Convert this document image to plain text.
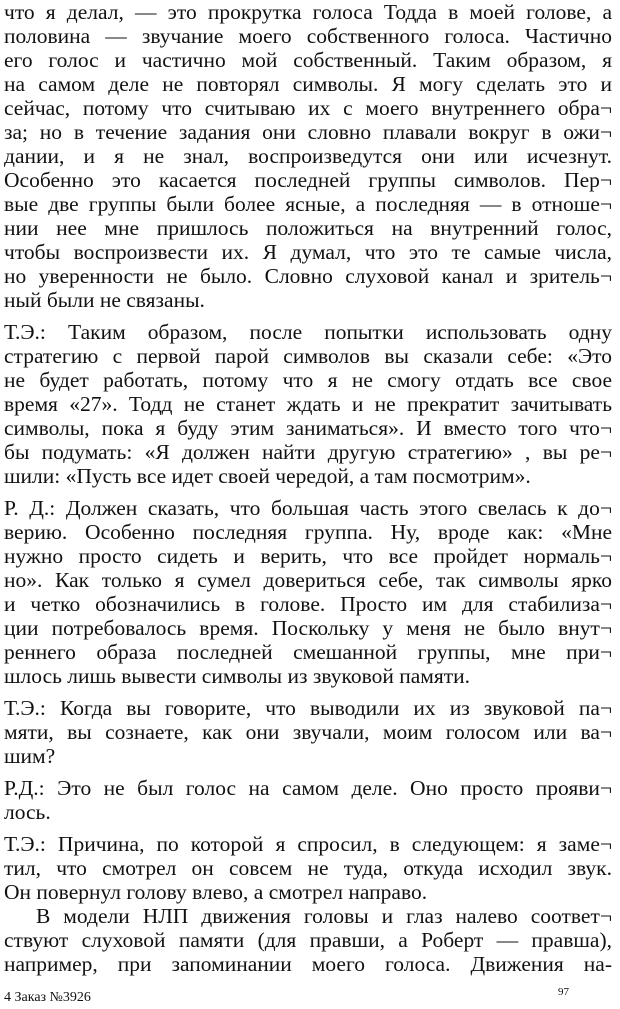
что я делал, — это прокрутка голоса Тодда в моей голове, а
половина — звучание моего собственного голоса. Частично
его голос и частично мой собственный. Таким образом, я
на самом деле не повторял символы. Я могу сделать это и
сейчас, потому что считываю их с моего внутреннего обра¬
за; но в течение задания они словно плавали вокруг в ожи¬
дании, и я не знал, воспроизведутся они или исчезнут.
Особенно это касается последней группы символов. Пер¬
вые две группы были более ясные, а последняя — в отноше¬
нии нее мне пришлось положиться на внутренний голос,
чтобы воспроизвести их. Я думал, что это те самые числа,
но уверенности не было. Словно слуховой канал и зритель¬
ный были не связаны.
Т.Э.: Таким образом, после попытки использовать одну
стратегию с первой парой символов вы сказали себе: «Это
не будет работать, потому что я не смогу отдать все свое
время «27». Тодд не станет ждать и не прекратит зачитывать
символы, пока я буду этим заниматься». И вместо того что¬
бы подумать: «Я должен найти другую стратегию» , вы ре¬
шили: «Пусть все идет своей чередой, а там посмотрим».
Р. Д.: Должен сказать, что большая часть этого свелась к до¬
верию. Особенно последняя группа. Ну, вроде как: «Мне
нужно просто сидеть и верить, что все пройдет нормаль¬
но». Как только я сумел довериться себе, так символы ярко
и четко обозначились в голове. Просто им для стабилиза¬
ции потребовалось время. Поскольку у меня не было внут¬
реннего образа последней смешанной группы, мне при¬
шлось лишь вывести символы из звуковой памяти.
Т.Э.: Когда вы говорите, что выводили их из звуковой па¬
мяти, вы сознаете, как они звучали, моим голосом или ва¬
шим?
Р.Д.: Это не был голос на самом деле. Оно просто прояви¬
лось.
Т.Э.: Причина, по которой я спросил, в следующем: я заме¬
тил, что смотрел он совсем не туда, откуда исходил звук.
Он повернул голову влево, а смотрел направо.
В модели НЛП движения головы и глаз налево соответ¬
ствуют слуховой памяти (для правши, а Роберт — правша),
например, при запоминании моего голоса. Движения на-
4 Заказ №3926	97
